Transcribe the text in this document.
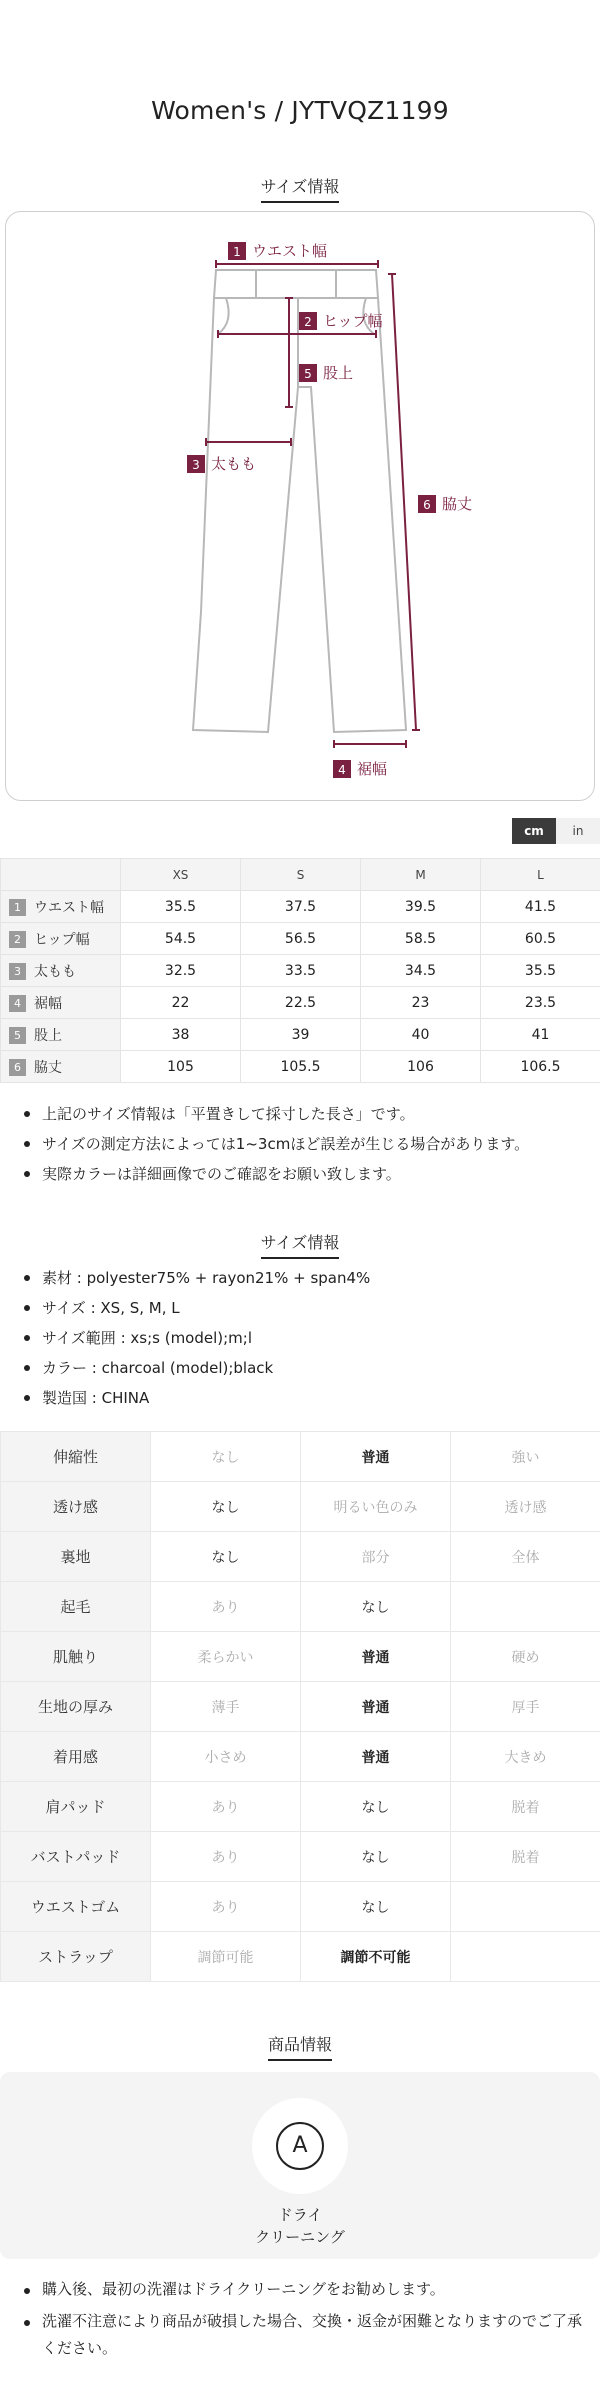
Women's / JYTVQZ1199
サイズ情報
1 ウエスト幅
2 ヒップ幅
5 股上
3 太もも
6 脇丈
4 裾幅
cm	in
	XS	S	M	L
1 ウエスト幅	35.5	37.5	39.5	41.5
2 ヒップ幅	54.5	56.5	58.5	60.5
3 太もも	32.5	33.5	34.5	35.5
4 裾幅	22	22.5	23	23.5
5 股上	38	39	40	41
6 脇丈	105	105.5	106	106.5
上記のサイズ情報は「平置きして採寸した長さ」です。
サイズの測定方法によっては1~3cmほど誤差が生じる場合があります。
実際カラーは詳細画像でのご確認をお願い致します。
サイズ情報
素材 : polyester75% + rayon21% + span4%
サイズ : XS, S, M, L
サイズ範囲 : xs;s (model);m;l
カラー : charcoal (model);black
製造国 : CHINA
伸縮性	なし	普通	強い
透け感	なし	明るい色のみ	透け感
裏地	なし	部分	全体
起毛	あり	なし	
肌触り	柔らかい	普通	硬め
生地の厚み	薄手	普通	厚手
着用感	小さめ	普通	大きめ
肩パッド	あり	なし	脱着
バストパッド	あり	なし	脱着
ウエストゴム	あり	なし	
ストラップ	調節可能	調節不可能	
商品情報
A
ドライ
クリーニング
購入後、最初の洗濯はドライクリーニングをお勧めします。
洗濯不注意により商品が破損した場合、交換・返金が困難となりますのでご了承ください。
